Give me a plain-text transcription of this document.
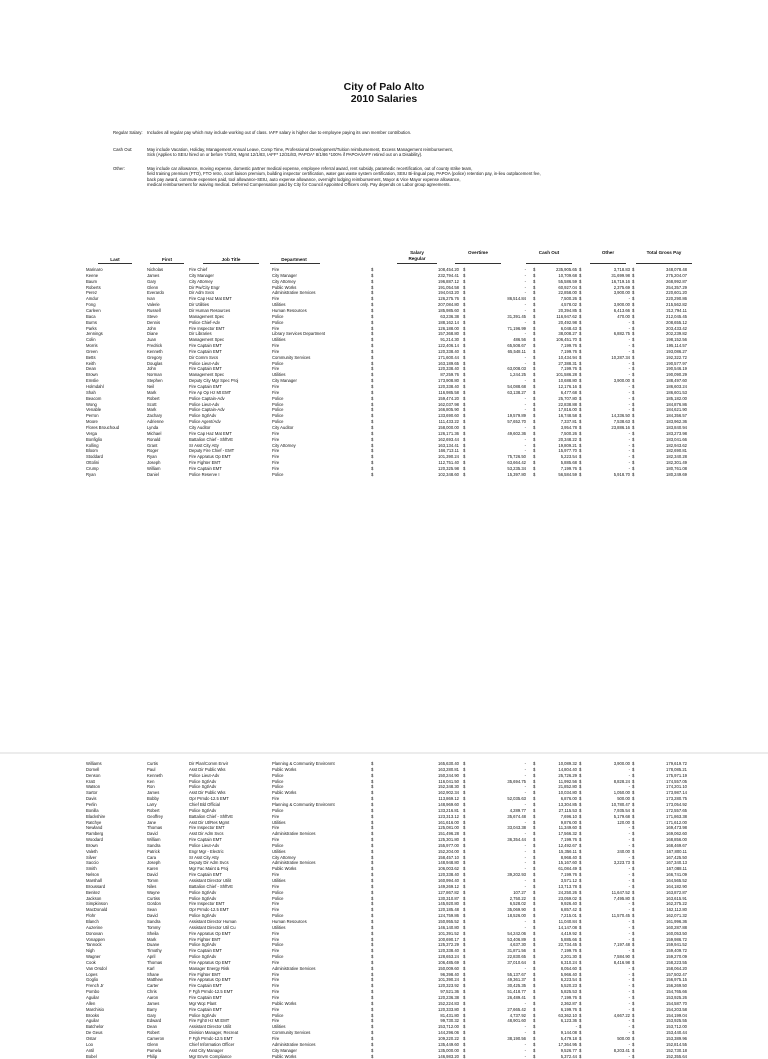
City of Palo Alto
2010 Salaries
Regular Salary:	Includes all regular pay which may include working out of class. IAFF salary is higher due to employee paying its own member contribution.
Cash Out:	May include Vacation, Holiday, Management Annual Leave, Comp Time, Professional Development/Tuition reimbursement, Excess Management reimbursement,
Sick (Applies to SEIU hired on or before 7/1/83, Mgmt 12/1/83, IAFF* 12/31/83, PAPOA* 8/1/86 *100% if PAPOA/IAFF retired out on a Disability).
Other:	May include car allowance, moving expense, domestic partner medical expense, employee referral award, rent subsidy, paramedic recertification, out of county strike team,
field training premium (FTO), FTO retro, court liaison premium, building inspector certification, water gas waste system certification, SEIU Bi-lingual pay, PAPOA (police) retention pay, in-lieu outplacement fee,
back pay award, commute expenses paid, tool allowance-SEIU, auto expense allowance, overnight lodging reimbursement, Mayor & Vice Mayor expense allowance,
medical reimbursement for waiving medical. Deferred Compensation paid by City for Council Appointed Officers only. Pay depends on Labor group agreements.
Salary	Overtime	Cash Out	Other	Total Gross Pay
Last	First	Job Title	Department	Regular
Marinaro	Nicholas	Fire Chief	Fire	$	108,454.20 $	- $	235,905.65 $	3,718.83 $	348,078.48
Keene	James	City Manager	City Manager	$	232,794.41 $	- $	10,709.68 $	31,699.98 $	275,204.07
Baum	Gary	City Attorney	City Attorney	$	196,887.12 $	- $	55,586.59 $	16,719.16 $	268,992.87
Roberts	Glenn	Dir Pw/City Engr	Public Works	$	191,054.58 $	- $	60,927.04 $	2,375.69 $	254,357.29
Perez	Everardo	Dir Adm Svcs	Administrative Services	$	194,043.20 $	- $	22,858.00 $	3,900.00 $	220,601.20
Amdur	Ivan	Fire Cap Haz Mat EMT	Fire	$	126,275.76 $	86,514.84 $	7,500.26 $	- $	220,290.86
Fong	Valerie	Dir Utilities	Utilities	$	207,084.80 $	- $	4,578.02 $	3,900.00 $	215,562.82
Carleen	Russell	Dir Human Resources	Human Resources	$	185,985.60 $	- $	20,394.85 $	6,413.66 $	212,794.11
Baca	Steve	Management Spec	Police	$	63,236.38 $	31,391.45 $	116,947.62 $	470.00 $	212,045.45
Burns	Dennis	Police Chief-Adv	Police	$	188,162.14 $	- $	20,492.98 $	- $	208,655.12
Parks	John	Fire Inspector EMT	Fire	$	126,188.00 $	71,196.99 $	6,048.43 $	- $	203,433.42
Jennings	Diane	Dir Libraries	Library Services Department	$	157,368.80 $	- $	38,008.27 $	6,882.75 $	202,239.82
Colin	Juan	Management Spec	Utilities	$	91,214.30 $	486.56 $	106,451.70 $	- $	198,152.56
Morris	Fredrick	Fire Captain EMT	Fire	$	122,406.14 $	65,508.67 $	7,199.76 $	- $	195,114.57
Green	Kenneth	Fire Captain EMT	Fire	$	120,338.40 $	65,548.11 $	7,199.76 $	- $	193,086.27
Betts	Gregory	Dir Comm Svcs	Community Services	$	171,600.44 $	- $	10,434.94 $	10,287.34 $	192,322.72
Keith	Douglas	Police Lieut-Adv	Police	$	163,189.65 $	- $	27,388.31 $	- $	190,577.97
Dean	John	Fire Captain EMT	Fire	$	120,338.40 $	63,008.03 $	7,199.76 $	- $	190,546.19
Brown	Norman	Management Spec	Utilities	$	87,259.76 $	1,244.25 $	101,586.28 $	- $	190,090.29
Emslie	Stephen	Deputy City Mgr Spec Proj	City Manager	$	173,908.80 $	- $	10,688.80 $	3,900.00 $	188,497.60
Holmdahl	Neil	Fire Captain EMT	Fire	$	120,338.40 $	54,088.68 $	12,176.16 $	- $	186,603.24
Shah	Mark	Fire Ap Op Hz Mt EMT	Fire	$	116,985.58 $	63,138.27 $	6,477.68 $	- $	186,601.53
Beacom	Robert	Police Captain-Adv	Police	$	159,474.20 $	- $	25,707.80 $	- $	185,182.00
Wong	Scott	Police Lieut-Adv	Police	$	162,037.98 $	- $	22,838.88 $	- $	184,876.86
Venable	Mark	Police Captain-Adv	Police	$	166,805.90 $	- $	17,816.00 $	- $	184,621.90
Perron	Zachary	Police Sgt/Adv	Police	$	133,690.60 $	19,579.89 $	16,748.58 $	14,336.50 $	184,356.57
Moore	Adrienne	Police Agent/Adv	Police	$	111,433.22 $	57,652.70 $	7,337.81 $	7,538.63 $	183,962.36
Flores Brouchoud	Lynda	City Auditor	City Auditor	$	158,000.00 $	- $	3,954.78 $	23,886.16 $	183,840.94
Verga	Michael	Fire Cap Haz Mat EMT	Fire	$	126,171.36 $	49,602.36 $	7,500.26 $	- $	183,273.98
Bonfiglio	Ronald	Battalion Chief - ShftVE	Fire	$	162,693.44 $	- $	20,348.22 $	- $	183,041.66
Kolling	Grant	Sr Asst City Atty	City Attorney	$	163,134.41 $	- $	19,809.21 $	- $	182,943.62
Bloom	Roger	Deputy Fire Chief - EMT	Fire	$	166,713.11 $	- $	15,977.70 $	- $	182,690.81
Stoddard	Ryan	Fire Appratus Op EMT	Fire	$	101,390.24 $	75,726.50 $	5,223.54 $	- $	182,340.28
Ottolini	Joseph	Fire Fighter EMT	Fire	$	112,751.40 $	63,664.42 $	5,885.68 $	- $	182,301.49
Crump	William	Fire Captain EMT	Fire	$	120,325.98 $	53,235.34 $	7,199.76 $	- $	180,761.08
Ryan	Daniel	Police Reserve I	Police	$	102,348.60 $	15,397.80 $	56,584.59 $	5,918.70 $	180,249.69
Williams	Curtis	Dir Plan/Comm Envir	Planning & Community Environmt	$	165,630.40 $	- $	10,089.32 $	3,900.00 $	179,619.72
Dornell	Paul	Asst Dir Public Wks	Public Works	$	163,280.81 $	- $	14,804.40 $	- $	178,085.21
Denson	Kenneth	Police Lieut-Adv	Police	$	150,244.90 $	- $	25,726.29 $	- $	175,971.19
Kratt	Ken	Police Sgt/Adv	Police	$	116,041.50 $	35,694.75 $	11,992.56 $	8,828.24 $	174,557.05
Watson	Ron	Police Sgt/Adv	Police	$	152,348.30 $	- $	21,852.80 $	- $	174,201.10
Sartor	James	Asst Dir Public Wks	Public Works	$	162,902.34 $	- $	10,034.80 $	1,050.00 $	173,987.14
Davis	Bobby	Opr Prmdc-12.5 EMT	Fire	$	113,869.12 $	52,035.63 $	6,876.00 $	500.00 $	173,280.75
Perlin	Larry	Chief Bld Official	Planning & Community Environmt	$	148,969.60 $	- $	13,304.85 $	10,780.47 $	173,054.92
Bonilla	Robert	Police Sgt/Adv	Police	$	133,216.81 $	4,289.77 $	27,115.53 $	7,935.54 $	172,557.65
Blackshire	Geoffrey	Battalion Chief - ShftVE	Fire	$	123,313.12 $	35,674.48 $	7,696.10 $	5,179.68 $	171,863.38
Ratchye	Jane	Asst Dir Ut/Res Mgmt	Utilities	$	161,616.00 $	- $	9,876.00 $	120.00 $	171,612.00
Newland	Thomas	Fire Inspector EMT	Fire	$	125,081.00 $	33,043.38 $	11,349.60 $	- $	169,473.98
Ramberg	David	Asst Dir Adm Svcs	Administrative Services	$	151,496.28 $	- $	17,566.32 $	- $	169,062.60
Woodard	William	Fire Captain EMT	Fire	$	125,301.80 $	36,354.44 $	7,199.76 $	- $	168,856.00
Brown	Sandra	Police Lieut-Adv	Police	$	155,977.00 $	- $	12,492.67 $	- $	168,469.67
Valeth	Patrick	Engr Mgr - Electric	Utilities	$	152,204.00 $	- $	15,356.11 $	240.00 $	167,800.11
Silver	Cara	Sr Asst City Atty	City Attorney	$	158,457.10 $	- $	8,968.40 $	- $	167,425.50
Saccio	Joseph	Deputy Dir Adm Svcs	Administrative Services	$	148,948.80 $	- $	15,167.60 $	3,223.73 $	167,340.13
Smith	Karen	Mgr Fac Maint & Proj	Public Works	$	106,003.62 $	- $	61,084.49 $	- $	167,088.11
Nelson	David	Fire Captain EMT	Fire	$	120,338.40 $	39,202.93 $	7,199.76 $	- $	166,741.09
Marshall	Tomm	Assistant Director Utilit	Utilities	$	160,994.40 $	- $	3,571.12 $	- $	164,565.52
Broussard	Niles	Battalion Chief - ShftVE	Fire	$	149,269.12 $	- $	13,713.78 $	- $	164,182.90
Benitez	Wayne	Police Sgt/Adv	Police	$	127,867.82 $	107.27 $	24,250.26 $	11,647.52 $	163,872.87
Jackson	Curtiss	Police Sgt/Adv	Police	$	130,310.87 $	2,750.22 $	23,059.02 $	7,495.80 $	163,615.91
Simpkinson	Gordon	Fire Inspector EMT	Fire	$	145,920.80 $	6,528.02 $	9,926.40 $	- $	162,375.22
MacDonald	Sean	Opr Prmdc-12.5 EMT	Fire	$	120,185.48 $	35,069.90 $	6,857.42 $	- $	162,112.80
Flohr	David	Police Sgt/Adv	Police	$	124,759.86 $	18,526.00 $	7,215.01 $	11,570.45 $	162,071.32
Blanch	Sandra	Assistant Director Human	Human Resources	$	150,955.52 $	- $	11,040.84 $	- $	161,996.36
Auzerine	Tommy	Assistant Director Util Cu	Utilities	$	146,140.80 $	- $	14,147.08 $	- $	160,287.88
Donovan	Sheila	Fire Appratus Op EMT	Fire	$	101,391.52 $	54,242.06 $	4,419.92 $	- $	160,053.50
Vonappen	Mark	Fire Fighter EMT	Fire	$	100,690.17 $	53,406.89 $	5,885.66 $	- $	159,986.72
Tannock	Duane	Police Sgt/Adv	Police	$	125,372.29 $	4,637.30 $	22,734.45 $	7,197.48 $	159,941.52
Nigh	Timothy	Fire Captain EMT	Fire	$	120,338.40 $	31,871.56 $	7,199.76 $	- $	159,409.72
Wagner	April	Police Sgt/Adv	Police	$	128,653.24 $	22,830.65 $	2,201.30 $	7,584.90 $	159,270.09
Cook	Thomas	Fire Appratus Op EMT	Fire	$	106,485.69 $	37,010.64 $	6,310.24 $	8,416.98 $	158,223.55
Van Orsdol	Karl	Manager Energy Risk	Administrative Services	$	150,009.60 $	- $	8,054.60 $	- $	158,064.20
Lopes	Shane	Fire Fighter EMT	Fire	$	96,398.40 $	55,137.67 $	5,966.40 $	- $	157,502.47
Goglio	Matthew	Fire Appratus Op EMT	Fire	$	101,390.24 $	49,361.37 $	6,223.54 $	- $	156,975.15
French Jr	Carter	Fire Captain EMT	Fire	$	120,323.92 $	30,425.35 $	5,520.23 $	- $	156,269.50
Pombo	Chris	F Fgh Prmdc-12.5 EMT	Fire	$	97,521.36 $	51,418.77 $	5,825.53 $	- $	154,765.66
Aguilar	Aaron	Fire Captain EMT	Fire	$	120,236.38 $	26,489.41 $	7,199.76 $	- $	153,925.26
Allen	James	Mgr Wqc Plant	Public Works	$	152,224.83 $	- $	2,362.87 $	- $	154,587.70
Marchisio	Barry	Fire Captain EMT	Fire	$	120,333.80 $	27,665.42 $	6,199.76 $	- $	154,203.58
Brooks	Gary	Police Sgt/Adv	Police	$	81,431.80 $	4,737.92 $	63,362.10 $	4,667.22 $	154,199.04
Aguilar	Edward	Fire Fghtr Hz Mt EMT	Fire	$	99,730.32 $	48,901.60 $	6,123.36 $	- $	153,925.55
Batchelor	Dean	Assistant Director Utilit	Utilities	$	153,712.00 $	- $	- $	- $	153,712.00
De Geus	Robert	Division Manager, Recreat	Community Services	$	144,296.06 $	- $	9,144.08 $	- $	153,440.44
Ostar	Cameron	F Fgh Prmdc-12.5 EMT	Fire	$	109,220.22 $	38,190.56 $	5,479.18 $	500.00 $	153,389.96
Loo	Glenn	Chief Information Officer	Administrative Services	$	135,449.60 $	- $	17,364.95 $	- $	152,814.55
Antil	Pamela	Asst City Manager	City Manager	$	135,000.00 $	- $	9,526.77 $	8,203.41 $	152,730.18
Bobel	Philip	Mgr Envrn Compliance	Public Works	$	146,983.20 $	- $	5,372.44 $	- $	152,355.64
